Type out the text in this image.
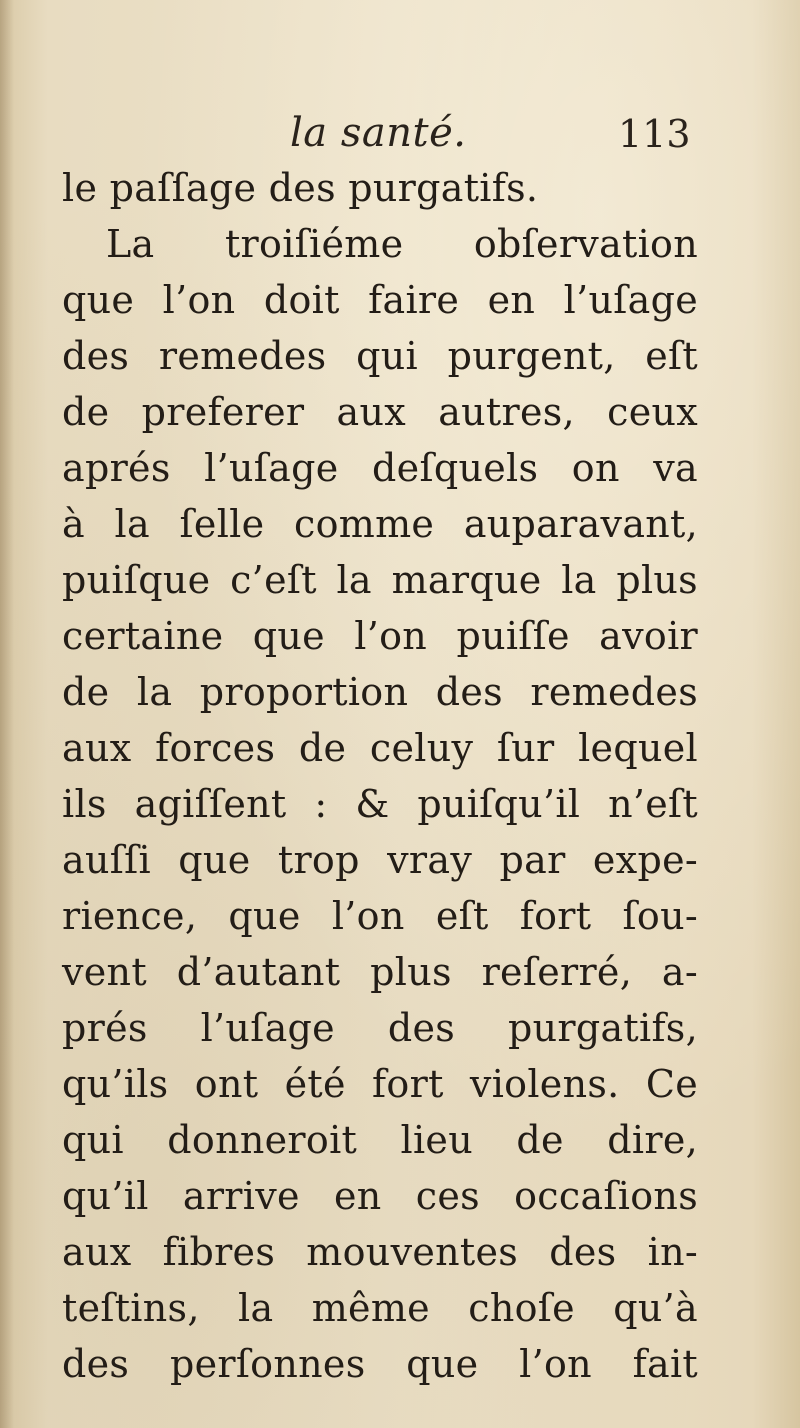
la santé.	113
le paſſage des purgatifs.
La troiſiéme obſervation
que l’on doit faire en l’uſage
des remedes qui purgent, eſt
de preferer aux autres, ceux
aprés l’uſage deſquels on va
à la ſelle comme auparavant,
puiſque c’eſt la marque la plus
certaine que l’on puiſſe avoir
de la proportion des remedes
aux forces de celuy ſur lequel
ils agiſſent : & puiſqu’il n’eſt
auſſi que trop vray par expe-
rience, que l’on eſt fort ſou-
vent d’autant plus reſerré, a-
prés l’uſage des purgatifs,
qu’ils ont été fort violens. Ce
qui donneroit lieu de dire,
qu’il arrive en ces occaſions
aux fibres mouventes des in-
teſtins, la même choſe qu’à
des perſonnes que l’on fait
